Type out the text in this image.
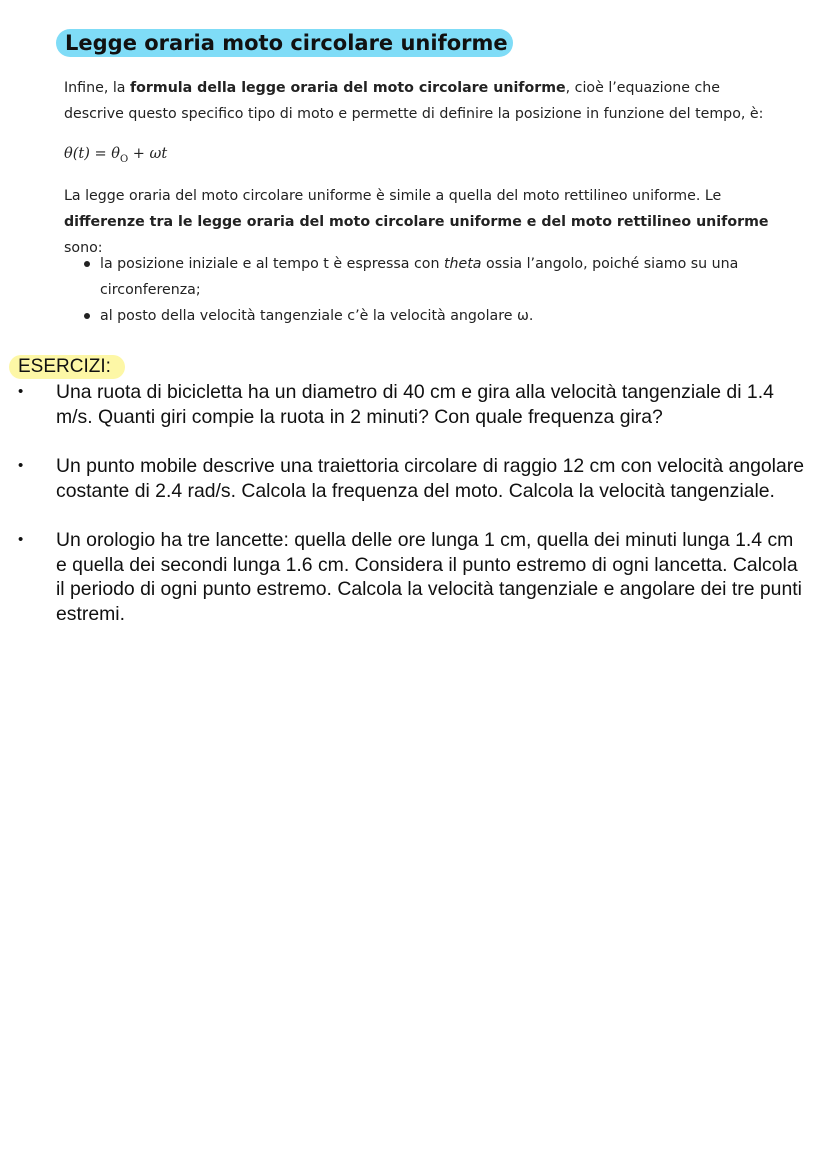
Legge oraria moto circolare uniforme
Infine, la formula della legge oraria del moto circolare uniforme, cioè l’equazione che descrive questo specifico tipo di moto e permette di definire la posizione in funzione del tempo, è:
$\theta(t) = \theta_O + \omega t$
La legge oraria del moto circolare uniforme è simile a quella del moto rettilineo uniforme. Le differenze tra le legge oraria del moto circolare uniforme e del moto rettilineo uniforme sono:
la posizione iniziale e al tempo t è espressa con theta ossia l’angolo, poiché siamo su una circonferenza;
al posto della velocità tangenziale c’è la velocità angolare ω.
ESERCIZI:
• Una ruota di bicicletta ha un diametro di 40 cm e gira alla velocità tangenziale di 1.4 m/s. Quanti giri compie la ruota in 2 minuti? Con quale frequenza gira?
• Un punto mobile descrive una traiettoria circolare di raggio 12 cm con velocità angolare costante di 2.4 rad/s. Calcola la frequenza del moto. Calcola la velocità tangenziale.
• Un orologio ha tre lancette: quella delle ore lunga 1 cm, quella dei minuti lunga 1.4 cm e quella dei secondi lunga 1.6 cm. Considera il punto estremo di ogni lancetta. Calcola il periodo di ogni punto estremo. Calcola la velocità tangenziale e angolare dei tre punti estremi.
